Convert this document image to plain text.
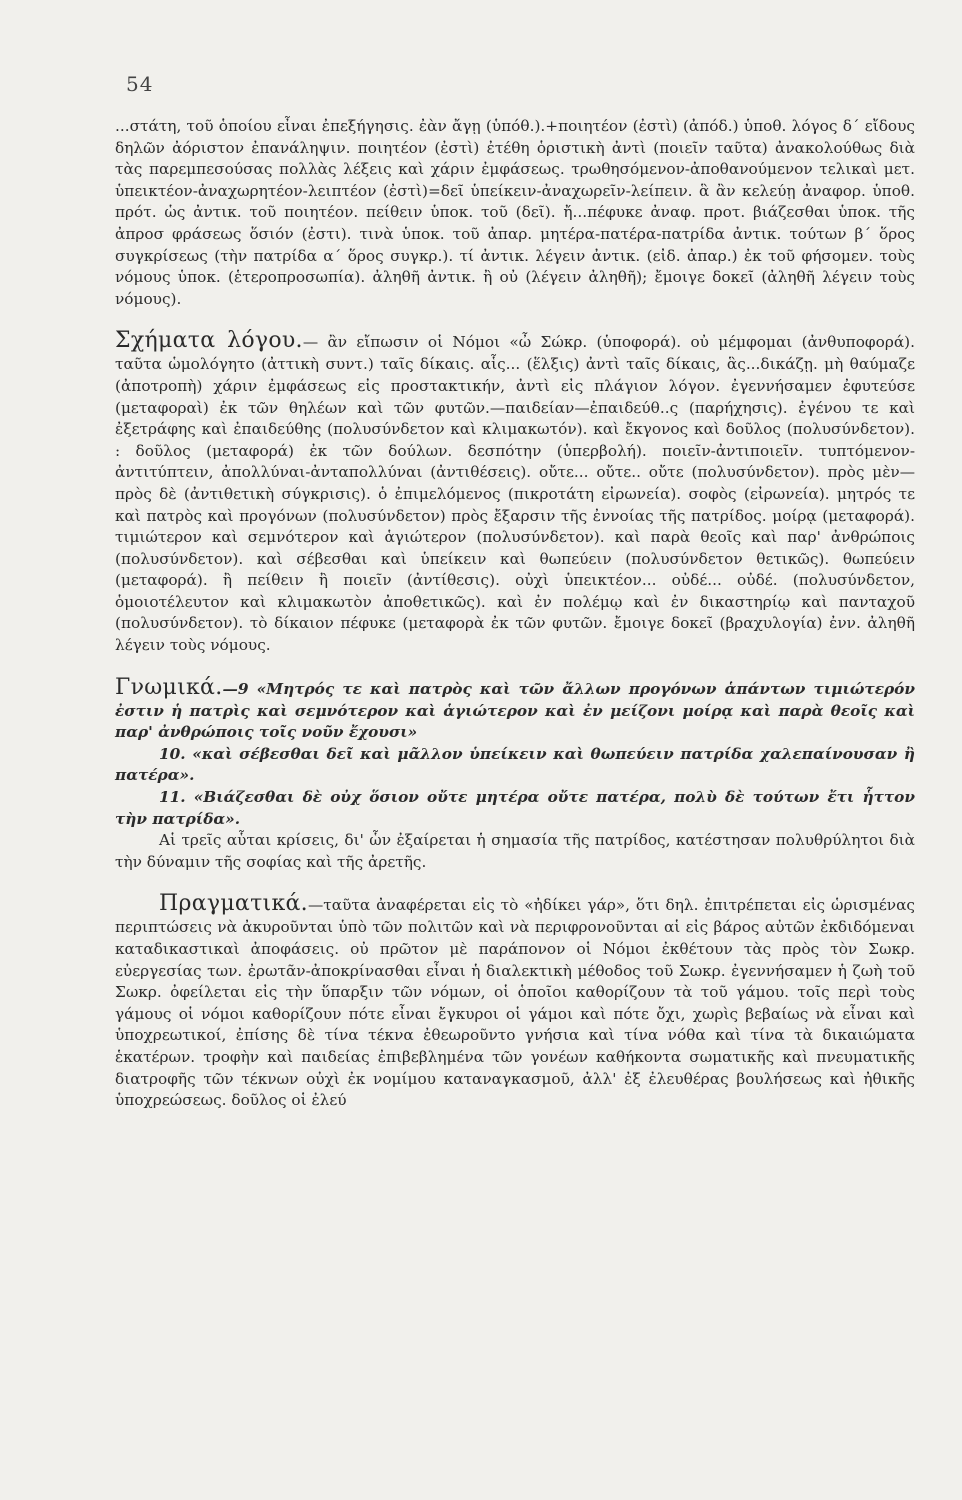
54

...στάτη, τοῦ ὁποίου εἶναι ἐπεξήγησις. ἐὰν ἄγῃ (ὑπόθ.).+ποιητέον (ἐστὶ) (ἀπόδ.) ὑποθ. λόγος δ΄ εἴδους δηλῶν ἀόριστον ἐπανάληψιν. ποιητέον (ἐστὶ) ἐτέθη ὁριστικὴ ἀντὶ (ποιεῖν ταῦτα) ἀνακολούθως διὰ τὰς παρεμπεσούσας πολλὰς λέξεις καὶ χάριν ἐμφάσεως. τρωθησόμενον-ἀποθανούμενον τελικαὶ μετ. ὑπεικτέον-ἀναχωρητέον-λειπτέον (ἐστὶ)=δεῖ ὑπείκειν-ἀναχωρεῖν-λείπειν. ἃ ἂν κελεύῃ ἀναφορ. ὑποθ. πρότ. ὡς ἀντικ. τοῦ ποιητέον. πείθειν ὑποκ. τοῦ (δεῖ). ἤ...πέφυκε ἀναφ. προτ. βιάζεσθαι ὑποκ. τῆς ἀπροσ φράσεως ὅσιόν (ἐστι). τινὰ ὑποκ. τοῦ ἀπαρ. μητέρα-πατέρα-πατρίδα ἀντικ. τούτων β΄ ὅρος συγκρίσεως (τὴν πατρίδα α΄ ὅρος συγκρ.). τί ἀντικ. λέγειν ἀντικ. (εἰδ. ἀπαρ.) ἐκ τοῦ φήσομεν. τοὺς νόμους ὑποκ. (ἑτεροπροσωπία). ἀληθῆ ἀντικ. ἢ οὐ (λέγειν ἀληθῆ); ἔμοιγε δοκεῖ (ἀληθῆ λέγειν τοὺς νόμους).

Σχήματα λόγου.— ἂν εἴπωσιν οἱ Νόμοι «ὦ Σώκρ. (ὑποφορά). οὐ μέμφομαι (ἀνθυποφορά). ταῦτα ὡμολόγητο (ἀττικὴ συντ.) ταῖς δίκαις. αἷς... (ἕλξις) ἀντὶ ταῖς δίκαις, ἃς...δικάζῃ. μὴ θαύμαζε (ἀποτροπὴ) χάριν ἐμφάσεως εἰς προστακτικήν, ἀντὶ εἰς πλάγιον λόγον. ἐγεννήσαμεν ἐφυτεύσε (μεταφοραὶ) ἐκ τῶν θηλέων καὶ τῶν φυτῶν.—παιδείαν—ἐπαιδεύθ..ς (παρήχησις). ἐγένου τε καὶ ἐξετράφης καὶ ἐπαιδεύθης (πολυσύνδετον καὶ κλιμακωτόν). καὶ ἔκγονος καὶ δοῦλος (πολυσύνδετον). : δοῦλος (μεταφορά) ἐκ τῶν δούλων. δεσπότην (ὑπερβολή). ποιεῖν-ἀντιποιεῖν. τυπτόμενον-ἀντιτύπτειν, ἀπολλύναι-ἀνταπολλύναι (ἀντιθέσεις). οὔτε... οὔτε.. οὔτε (πολυσύνδετον). πρὸς μὲν—πρὸς δὲ (ἀντιθετικὴ σύγκρισις). ὁ ἐπιμελόμενος (πικροτάτη εἰρωνεία). σοφὸς (εἰρωνεία). μητρός τε καὶ πατρὸς καὶ προγόνων (πολυσύνδετον) πρὸς ἔξαρσιν τῆς ἐννοίας τῆς πατρίδος. μοίρᾳ (μεταφορά). τιμιώτερον καὶ σεμνότερον καὶ ἁγιώτερον (πολυσύνδετον). καὶ παρὰ θεοῖς καὶ παρ' ἀνθρώποις (πολυσύνδετον). καὶ σέβεσθαι καὶ ὑπείκειν καὶ θωπεύειν (πολυσύνδετον θετικῶς). θωπεύειν (μεταφορά). ἢ πείθειν ἢ ποιεῖν (ἀντίθεσις). οὐχὶ ὑπεικτέον... οὐδέ... οὐδέ. (πολυσύνδετον, ὁμοιοτέλευτον καὶ κλιμακωτὸν ἀποθετικῶς). καὶ ἐν πολέμῳ καὶ ἐν δικαστηρίῳ καὶ πανταχοῦ (πολυσύνδετον). τὸ δίκαιον πέφυκε (μεταφορὰ ἐκ τῶν φυτῶν. ἔμοιγε δοκεῖ (βραχυλογία) ἐνν. ἀληθῆ λέγειν τοὺς νόμους.

Γνωμικά.—9 «Μητρός τε καὶ πατρὸς καὶ τῶν ἄλλων προγόνων ἁπάντων τιμιώτερόν ἐστιν ἡ πατρὶς καὶ σεμνότερον καὶ ἁγιώτερον καὶ ἐν μείζονι μοίρᾳ καὶ παρὰ θεοῖς καὶ παρ' ἀνθρώποις τοῖς νοῦν ἔχουσι»

10. «καὶ σέβεσθαι δεῖ καὶ μᾶλλον ὑπείκειν καὶ θωπεύειν πατρίδα χαλεπαίνουσαν ἢ πατέρα».

11. «Βιάζεσθαι δὲ οὐχ ὅσιον οὔτε μητέρα οὔτε πατέρα, πολὺ δὲ τούτων ἔτι ἧττον τὴν πατρίδα».

Αἱ τρεῖς αὗται κρίσεις, δι' ὧν ἐξαίρεται ἡ σημασία τῆς πατρίδος, κατέστησαν πολυθρύλητοι διὰ τὴν δύναμιν τῆς σοφίας καὶ τῆς ἀρετῆς.

Πραγματικά.—ταῦτα ἀναφέρεται εἰς τὸ «ἠδίκει γάρ», ὅτι δηλ. ἐπιτρέπεται εἰς ὡρισμένας περιπτώσεις νὰ ἀκυροῦνται ὑπὸ τῶν πολιτῶν καὶ νὰ περιφρονοῦνται αἱ εἰς βάρος αὐτῶν ἐκδιδόμεναι καταδικαστικαὶ ἀποφάσεις. οὐ πρῶτον μὲ παράπονον οἱ Νόμοι ἐκθέτουν τὰς πρὸς τὸν Σωκρ. εὐεργεσίας των. ἐρωτᾶν-ἀποκρίνασθαι εἶναι ἡ διαλεκτικὴ μέθοδος τοῦ Σωκρ. ἐγεννήσαμεν ἡ ζωὴ τοῦ Σωκρ. ὀφείλεται εἰς τὴν ὕπαρξιν τῶν νόμων, οἱ ὁποῖοι καθορίζουν τὰ τοῦ γάμου. τοῖς περὶ τοὺς γάμους οἱ νόμοι καθορίζουν πότε εἶναι ἔγκυροι οἱ γάμοι καὶ πότε ὄχι, χωρὶς βεβαίως νὰ εἶναι καὶ ὑποχρεωτικοί, ἐπίσης δὲ τίνα τέκνα ἐθεωροῦντο γνήσια καὶ τίνα νόθα καὶ τίνα τὰ δικαιώματα ἑκατέρων. τροφὴν καὶ παιδείας ἐπιβεβλημένα τῶν γονέων καθήκοντα σωματικῆς καὶ πνευματικῆς διατροφῆς τῶν τέκνων οὐχὶ ἐκ νομίμου καταναγκασμοῦ, ἀλλ' ἐξ ἐλευθέρας βουλήσεως καὶ ἠθικῆς ὑποχρεώσεως. δοῦλος οἱ ἐλεύ
